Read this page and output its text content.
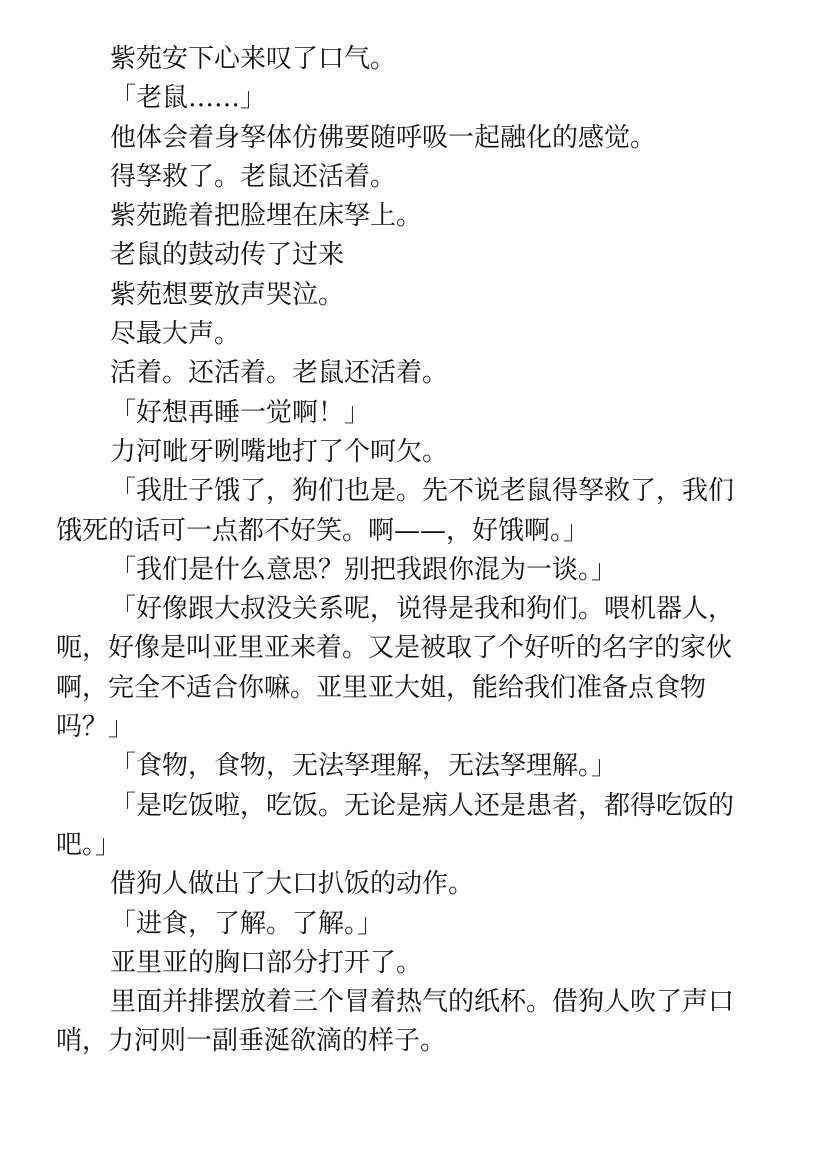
紫苑安下心来叹了口气。

「老鼠……」

他体会着身孥体仿佛要随呼吸一起融化的感觉。

得孥救了。老鼠还活着。

紫苑跪着把脸埋在床孥上。

老鼠的鼓动传了过来

紫苑想要放声哭泣。

尽最大声。

活着。还活着。老鼠还活着。

「好想再睡一觉啊！」

力河呲牙咧嘴地打了个呵欠。

「我肚子饿了，狗们也是。先不说老鼠得孥救了，我们饿死的话可一点都不好笑。啊——，好饿啊。」

「我们是什么意思？别把我跟你混为一谈。」

「好像跟大叔没关系呢，说得是我和狗们。喂机器人，呃，好像是叫亚里亚来着。又是被取了个好听的名字的家伙啊，完全不适合你嘛。亚里亚大姐，能给我们准备点食物吗？」

「食物，食物，无法孥理解，无法孥理解。」

「是吃饭啦，吃饭。无论是病人还是患者，都得吃饭的吧。」

借狗人做出了大口扒饭的动作。

「进食，了解。了解。」

亚里亚的胸口部分打开了。

里面并排摆放着三个冒着热气的纸杯。借狗人吹了声口哨，力河则一副垂涎欲滴的样子。
